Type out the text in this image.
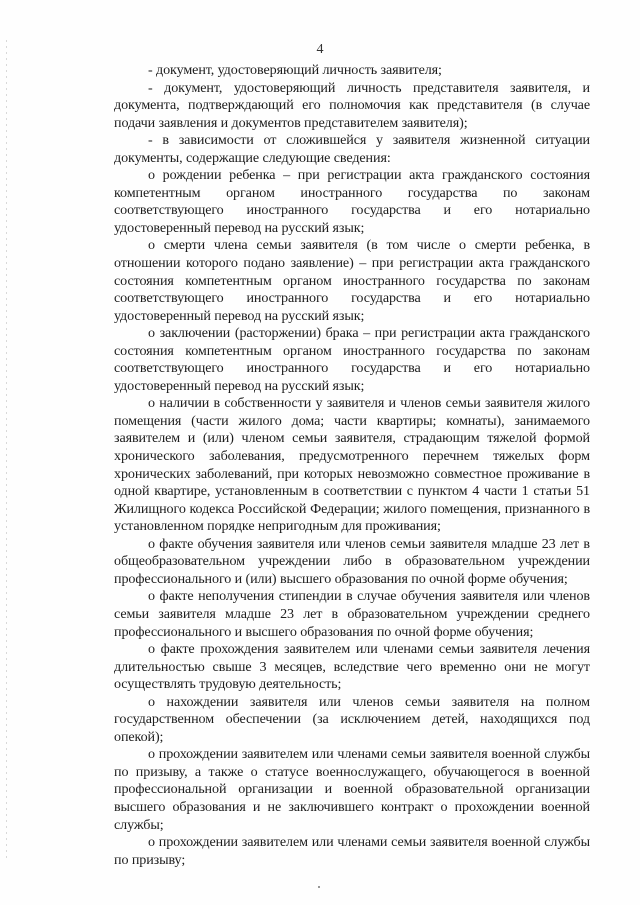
4

- документ, удостоверяющий личность заявителя;

- документ, удостоверяющий личность представителя заявителя, и документа, подтверждающий его полномочия как представителя (в случае подачи заявления и документов представителем заявителя);

- в зависимости от сложившейся у заявителя жизненной ситуации документы, содержащие следующие сведения:

о рождении ребенка – при регистрации акта гражданского состояния компетентным органом иностранного государства по законам соответствующего иностранного государства и его нотариально удостоверенный перевод на русский язык;

о смерти члена семьи заявителя (в том числе о смерти ребенка, в отношении которого подано заявление) – при регистрации акта гражданского состояния компетентным органом иностранного государства по законам соответствующего иностранного государства и его нотариально удостоверенный перевод на русский язык;

о заключении (расторжении) брака – при регистрации акта гражданского состояния компетентным органом иностранного государства по законам соответствующего иностранного государства и его нотариально удостоверенный перевод на русский язык;

о наличии в собственности у заявителя и членов семьи заявителя жилого помещения (части жилого дома; части квартиры; комнаты), занимаемого заявителем и (или) членом семьи заявителя, страдающим тяжелой формой хронического заболевания, предусмотренного перечнем тяжелых форм хронических заболеваний, при которых невозможно совместное проживание в одной квартире, установленным в соответствии с пунктом 4 части 1 статьи 51 Жилищного кодекса Российской Федерации; жилого помещения, признанного в установленном порядке непригодным для проживания;

о факте обучения заявителя или членов семьи заявителя младше 23 лет в общеобразовательном учреждении либо в образовательном учреждении профессионального и (или) высшего образования по очной форме обучения;

о факте неполучения стипендии в случае обучения заявителя или членов семьи заявителя младше 23 лет в образовательном учреждении среднего профессионального и высшего образования по очной форме обучения;

о факте прохождения заявителем или членами семьи заявителя лечения длительностью свыше 3 месяцев, вследствие чего временно они не могут осуществлять трудовую деятельность;

о нахождении заявителя или членов семьи заявителя на полном государственном обеспечении (за исключением детей, находящихся под опекой);

о прохождении заявителем или членами семьи заявителя военной службы по призыву, а также о статусе военнослужащего, обучающегося в военной профессиональной организации и военной образовательной организации высшего образования и не заключившего контракт о прохождении военной службы;

о прохождении заявителем или членами семьи заявителя военной службы по призыву;
